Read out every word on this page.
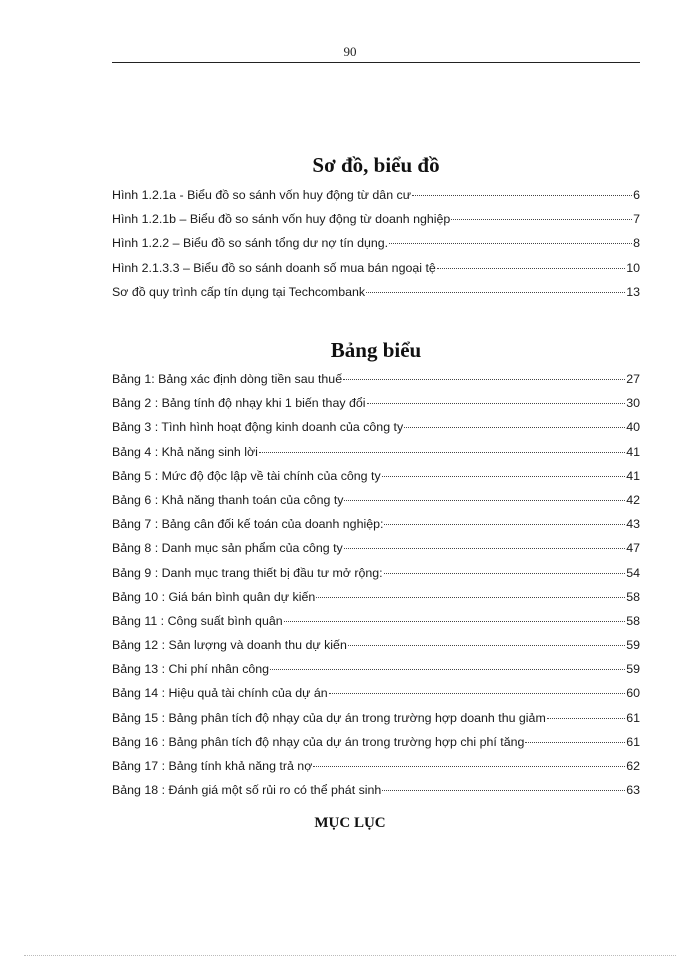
90
Sơ đồ, biểu đồ
Hình 1.2.1a - Biểu đồ so sánh vốn huy động từ dân cư	6
Hình 1.2.1b – Biểu đồ so sánh vốn huy động từ doanh nghiệp	7
Hình 1.2.2 – Biểu đồ so sánh tổng dư nợ tín dụng.	8
Hình 2.1.3.3 – Biểu đồ so sánh doanh số mua bán ngoại tệ	10
Sơ đồ quy trình cấp tín dụng tại Techcombank	13
Bảng biểu
Bảng 1: Bảng xác định dòng tiền sau thuế	27
Bảng 2 : Bảng tính độ nhạy khi 1 biến thay đổi	30
Bảng 3 : Tình hình hoạt động kinh doanh của công ty	40
Bảng 4 : Khả năng sinh lời	41
Bảng 5 : Mức độ độc lập về tài chính của công ty	41
Bảng 6 : Khả năng thanh toán của công ty	42
Bảng 7 : Bảng cân đối kế toán của doanh nghiệp:	43
Bảng 8 : Danh mục sản phẩm của công ty	47
Bảng 9 : Danh mục trang thiết bị đầu tư mở rộng:	54
Bảng 10 : Giá bán bình quân dự kiến	58
Bảng 11 : Công suất bình quân	58
Bảng 12 : Sản lượng và doanh thu dự kiến	59
Bảng 13 : Chi phí nhân công	59
Bảng 14 : Hiệu quả tài chính của dự án	60
Bảng 15 : Bảng phân tích độ nhạy của dự án trong trường hợp doanh thu giảm	61
Bảng 16 : Bảng phân tích độ nhạy của dự án trong trường hợp chi phí tăng	61
Bảng 17 : Bảng tính khả năng trả nợ	62
Bảng 18 : Đánh giá một số rủi ro có thể phát sinh	63
MỤC LỤC
